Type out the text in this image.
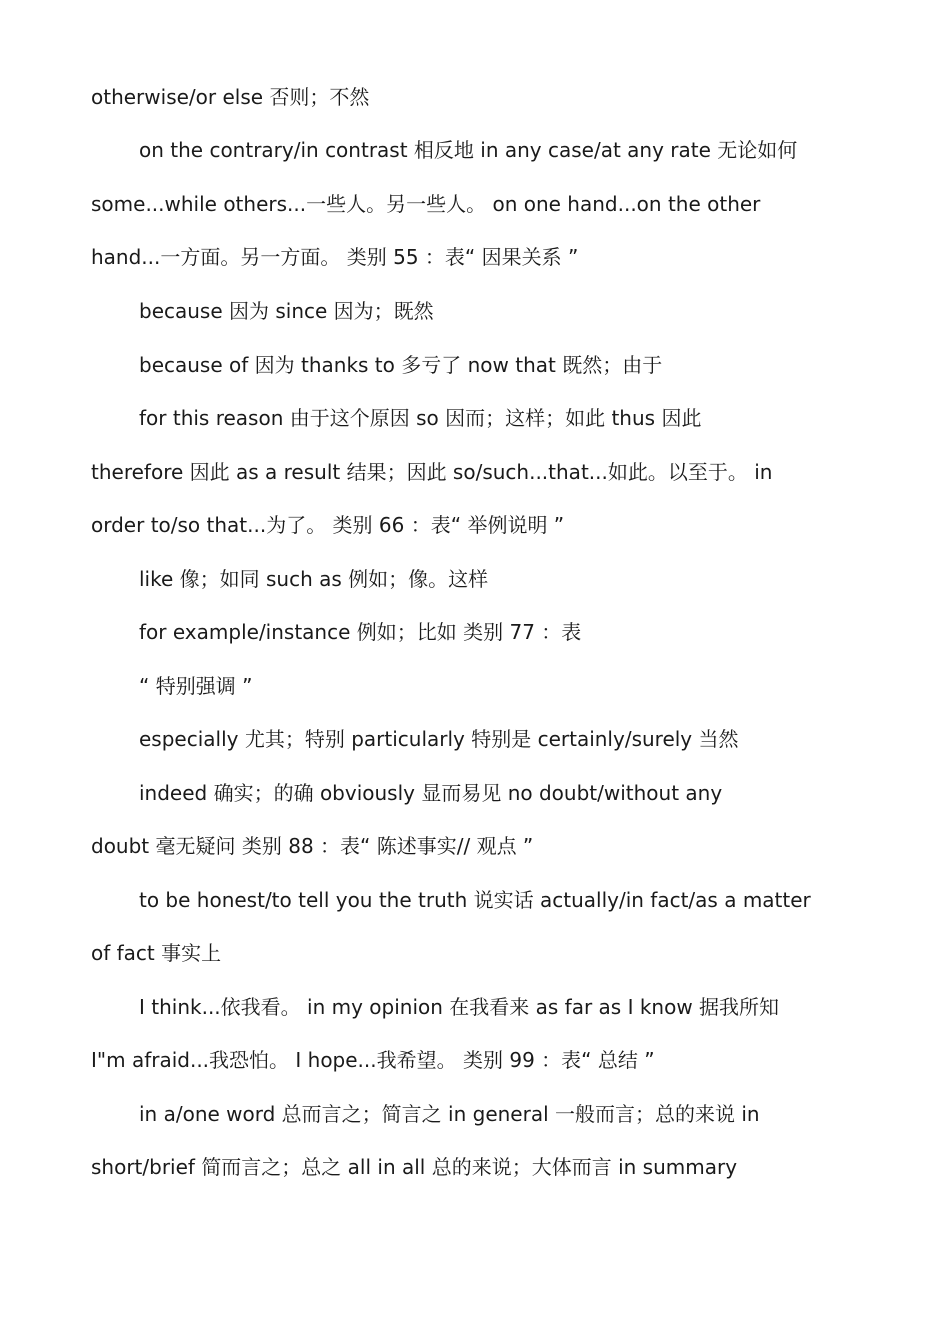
otherwise/or else 否则；不然
on the contrary/in contrast 相反地 in any case/at any rate 无论如何
some...while others...一些人。另一些人。 on one hand...on the other
hand...一方面。另一方面。 类别 55 ：表“ 因果关系 ”
because 因为 since 因为；既然
because of 因为 thanks to 多亏了 now that 既然；由于
for this reason 由于这个原因 so 因而；这样；如此 thus 因此
therefore 因此 as a result 结果；因此 so/such...that...如此。以至于。 in
order to/so that...为了。 类别 66 ：表“ 举例说明 ”
like 像；如同 such as 例如；像。这样
for example/instance 例如；比如 类别 77 ：表
“ 特别强调 ”
especially 尤其；特别 particularly 特别是 certainly/surely 当然
indeed 确实；的确 obviously 显而易见 no doubt/without any
doubt 毫无疑问 类别 88 ：表“ 陈述事实// 观点 ”
to be honest/to tell you the truth 说实话 actually/in fact/as a matter
of fact 事实上
I think...依我看。 in my opinion 在我看来 as far as I know 据我所知
I"m afraid...我恐怕。 I hope...我希望。 类别 99 ：表“ 总结 ”
in a/one word 总而言之；简言之 in general 一般而言；总的来说 in
short/brief 简而言之；总之 all in all 总的来说；大体而言 in summary
